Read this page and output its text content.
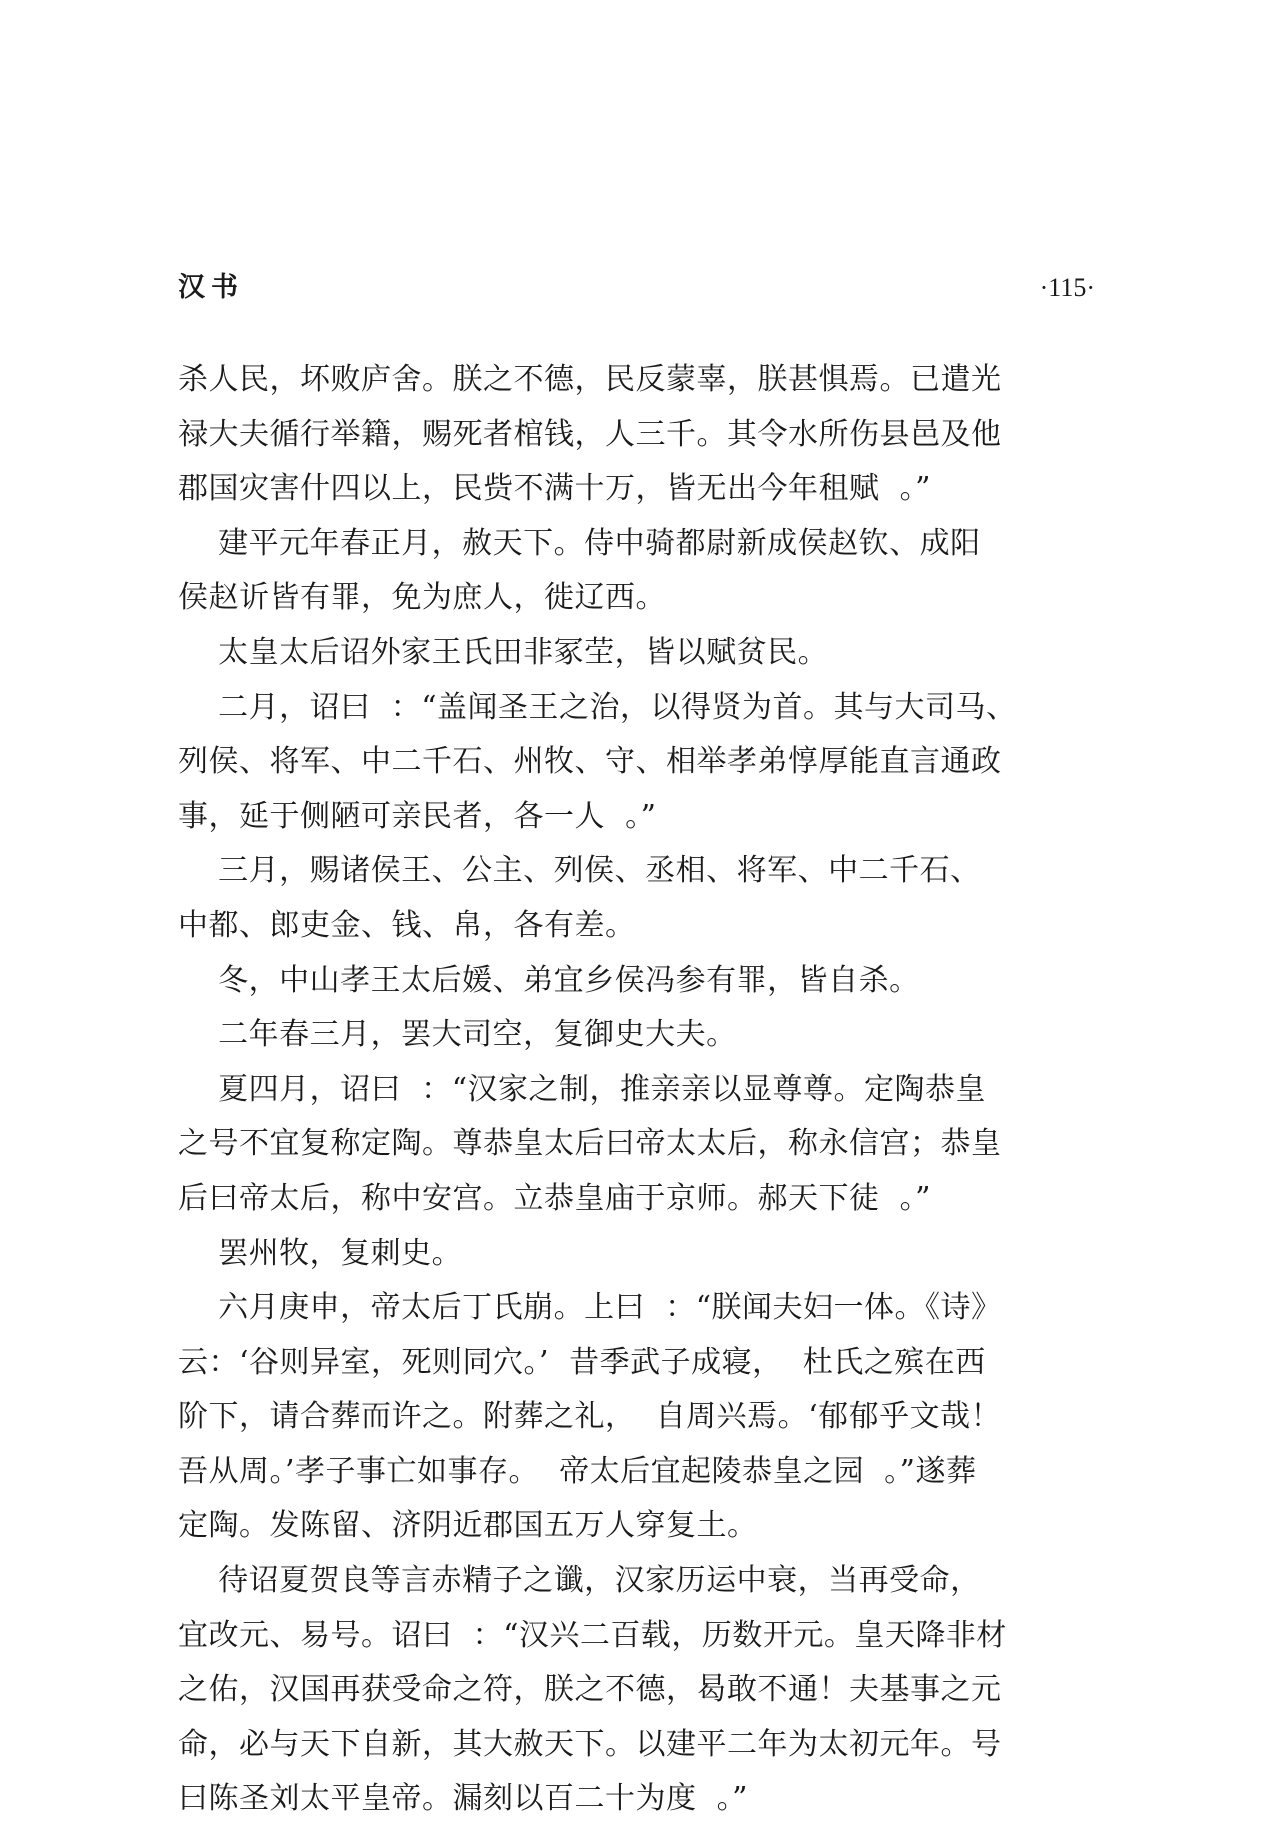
汉书	·115·
杀人民，坏败庐舍。朕之不德，民反蒙辜，朕甚惧焉。已遣光
禄大夫循行举籍，赐死者棺钱，人三千。其令水所伤县邑及他
郡国灾害什四以上，民赀不满十万，皆无出今年租赋  。”
建平元年春正月，赦天下。侍中骑都尉新成侯赵钦、成阳
侯赵䜣皆有罪，免为庶人，徙辽西。
太皇太后诏外家王氏田非冢茔，皆以赋贫民。
二月，诏曰  ：“盖闻圣王之治，以得贤为首。其与大司马、
列侯、将军、中二千石、州牧、守、相举孝弟惇厚能直言通政
事，延于侧陋可亲民者，各一人  。”
三月，赐诸侯王、公主、列侯、丞相、将军、中二千石、
中都、郎吏金、钱、帛，各有差。
冬，中山孝王太后媛、弟宜乡侯冯参有罪，皆自杀。
二年春三月，罢大司空，复御史大夫。
夏四月，诏曰  ：“汉家之制，推亲亲以显尊尊。定陶恭皇
之号不宜复称定陶。尊恭皇太后曰帝太太后，称永信宫；恭皇
后曰帝太后，称中安宫。立恭皇庙于京师。郝天下徒  。”
罢州牧，复刺史。
六月庚申，帝太后丁氏崩。上曰  ：“朕闻夫妇一体。《诗》
云：‘谷则异室，死则同穴。’  昔季武子成寝，  杜氏之殡在西
阶下，请合葬而许之。附葬之礼，  自周兴焉。‘郁郁乎文哉！
吾从周。’孝子事亡如事存。  帝太后宜起陵恭皇之园  。”遂葬
定陶。发陈留、济阴近郡国五万人穿复土。
待诏夏贺良等言赤精子之谶，汉家历运中衰，当再受命，
宜改元、易号。诏曰  ：“汉兴二百载，历数开元。皇天降非材
之佑，汉国再获受命之符，朕之不德，曷敢不通！夫基事之元
命，必与天下自新，其大赦天下。以建平二年为太初元年。号
曰陈圣刘太平皇帝。漏刻以百二十为度  。”
